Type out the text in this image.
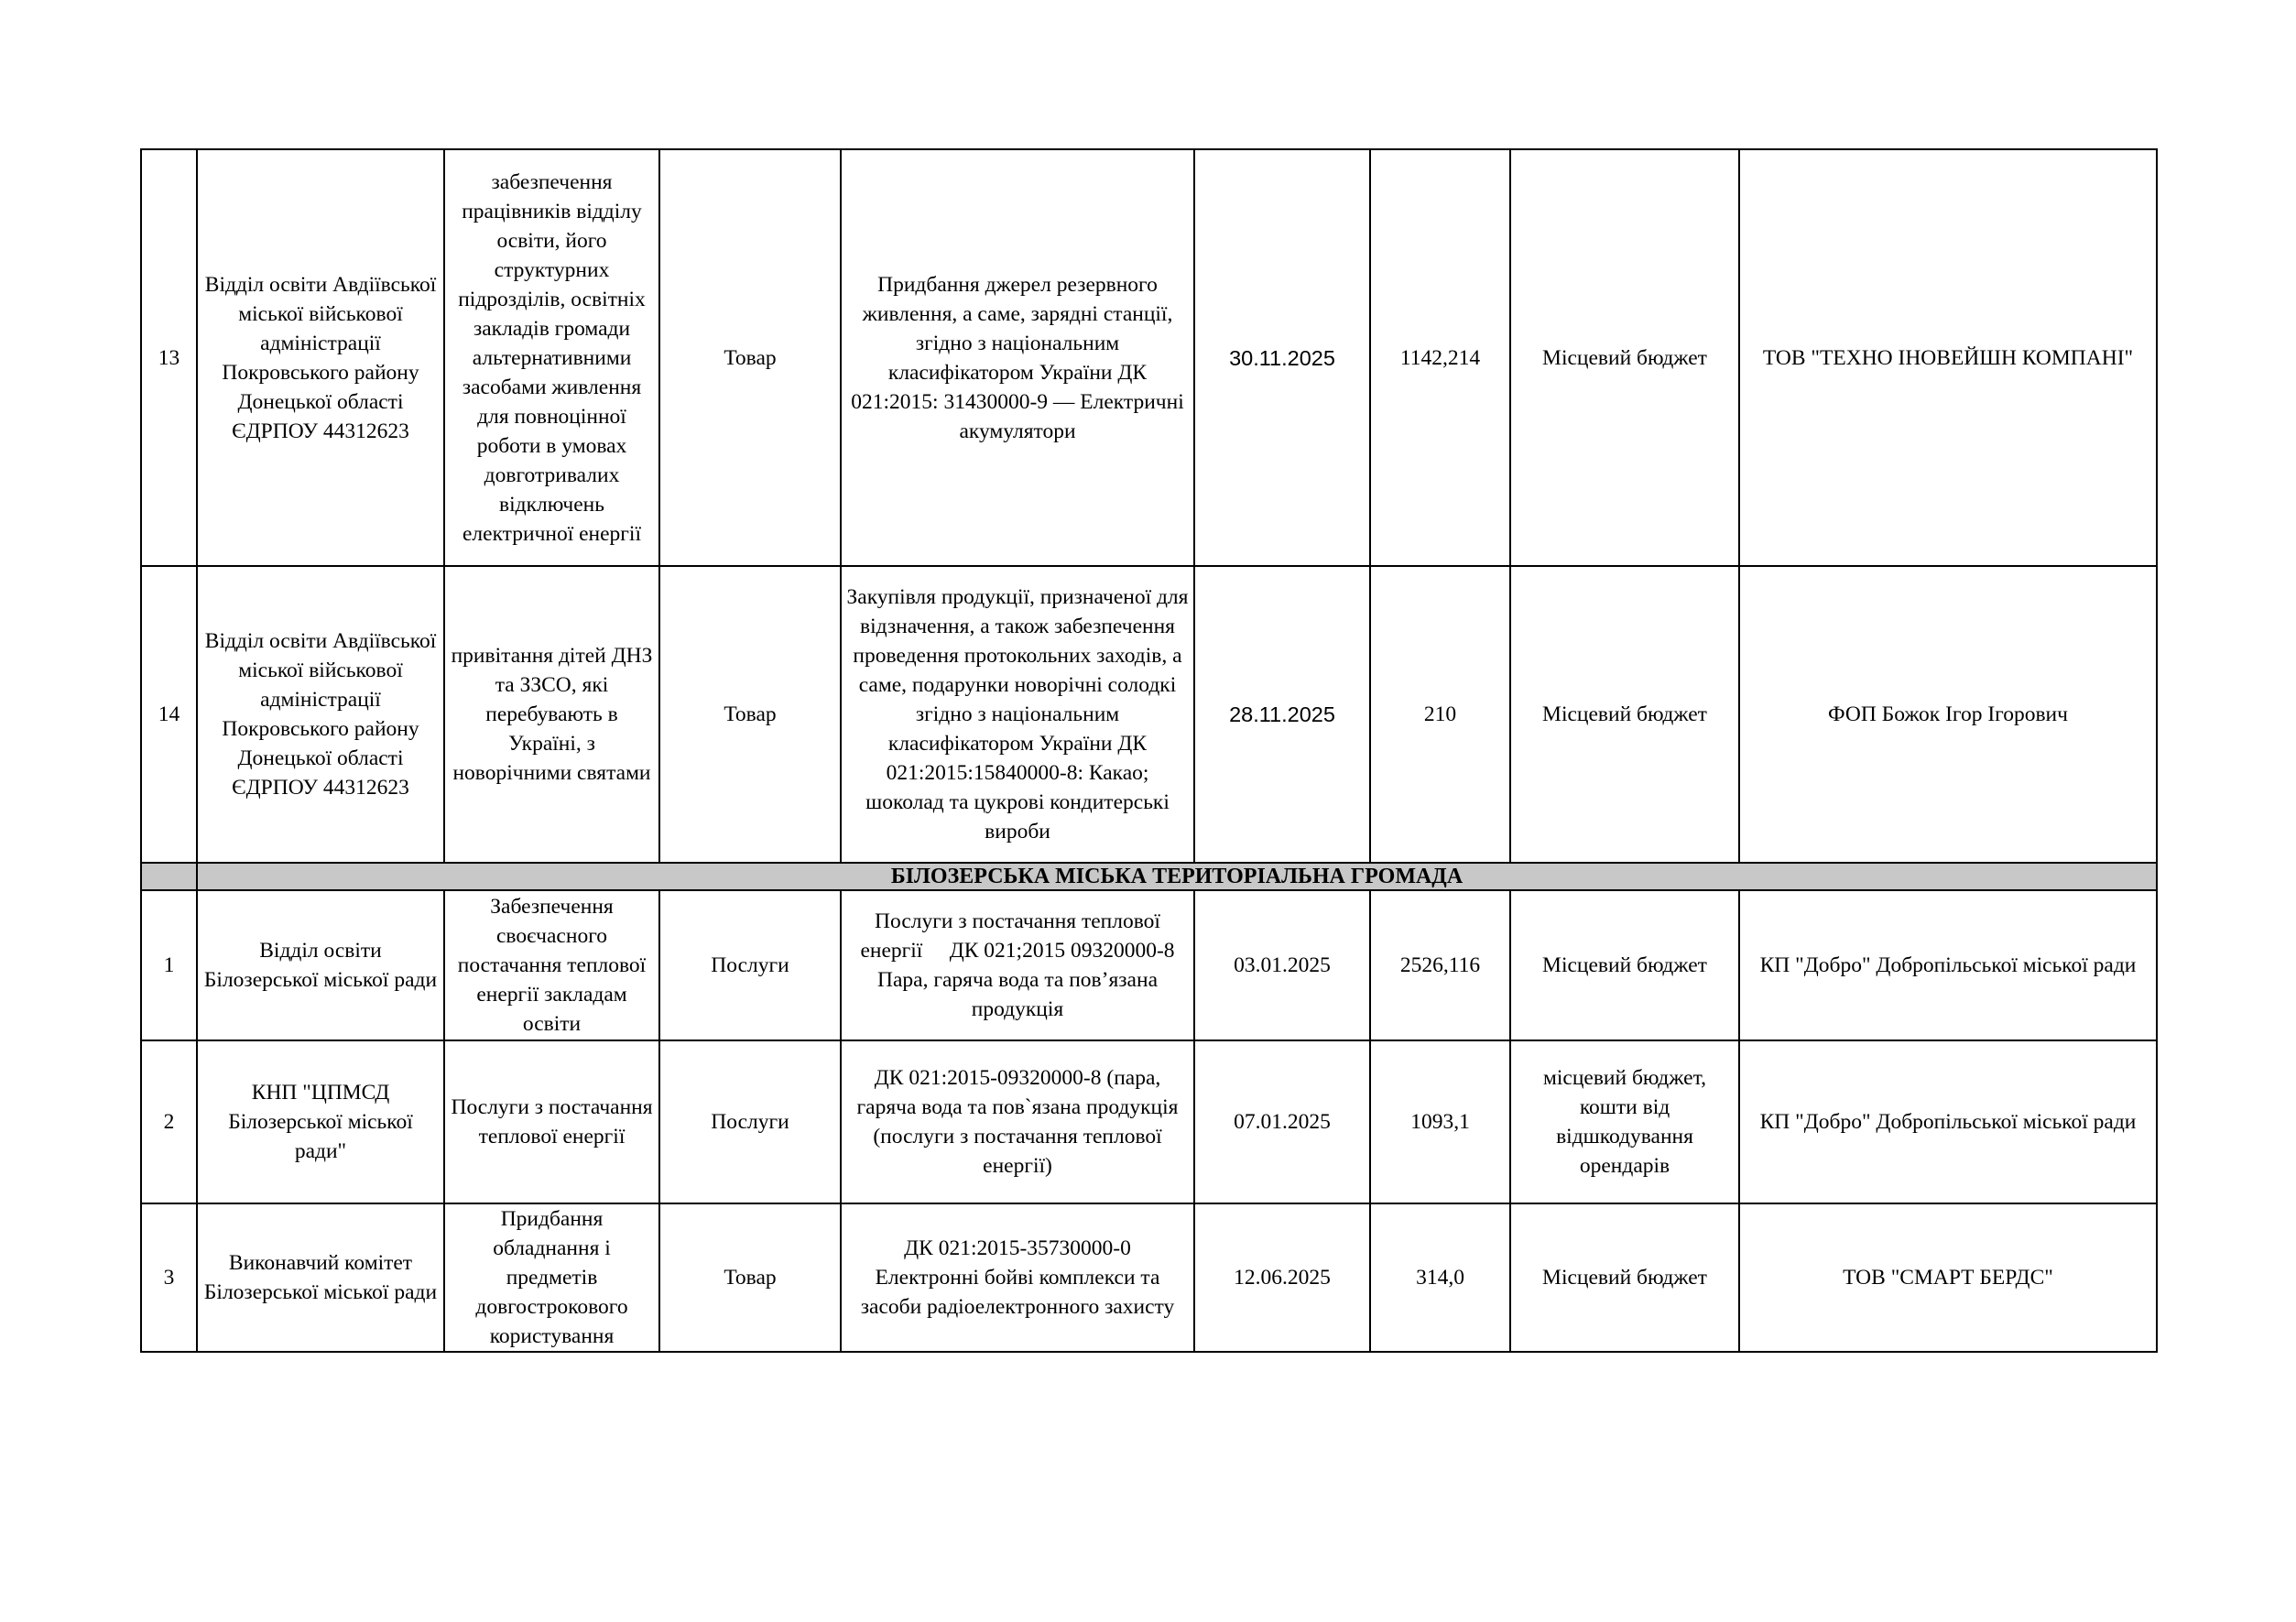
13	Відділ освіти Авдіївської міської військової адміністрації Покровського району Донецької області ЄДРПОУ 44312623	забезпечення працівників відділу освіти, його структурних підрозділів, освітніх закладів громади альтернативними засобами живлення для повноцінної роботи в умовах довготривалих відключень електричної енергії	Товар	Придбання джерел резервного живлення, а саме, зарядні станції, згідно з національним класифікатором України ДК 021:2015: 31430000-9 — Електричні акумулятори	30.11.2025	1142,214	Місцевий бюджет	ТОВ "ТЕХНО ІНОВЕЙШН КОМПАНІ"
14	Відділ освіти Авдіївської міської військової адміністрації Покровського району Донецької області ЄДРПОУ 44312623	привітання дітей ДНЗ та ЗЗСО, які перебувають в Україні, з новорічними святами	Товар	Закупівля продукції, призначеної для відзначення, а також забезпечення проведення протокольних заходів, а саме, подарунки новорічні солодкі згідно з національним класифікатором України ДК 021:2015:15840000-8: Какао; шоколад та цукрові кондитерські вироби	28.11.2025	210	Місцевий бюджет	ФОП Божок Ігор Ігорович
	БІЛОЗЕРСЬКА МІСЬКА ТЕРИТОРІАЛЬНА ГРОМАДА							
1	Відділ освіти Білозерської міської ради	Забезпечення своєчасного постачання теплової енергії закладам освіти	Послуги	Послуги з постачання теплової
енергії     ДК 021;2015 09320000-8
Пара, гаряча вода та пов’язана продукція	03.01.2025	2526,116	Місцевий бюджет	КП "Добро" Добропільської міської ради
2	КНП "ЦПМСД Білозерської міської ради"	Послуги з постачання теплової енергії	Послуги	ДК 021:2015-09320000-8 (пара,
гаряча вода та пов`язана продукція
(послуги з постачання теплової енергії)	07.01.2025	1093,1	місцевий бюджет, кошти від відшкодування орендарів	КП "Добро" Добропільської міської ради
3	Виконавчий комітет Білозерської міської ради	Придбання обладнання і предметів довгострокового користування	Товар	ДК 021:2015-35730000-0
Електронні бойві комплекси та
засоби радіоелектронного захисту	12.06.2025	314,0	Місцевий бюджет	ТОВ "СМАРТ БЕРДС"
